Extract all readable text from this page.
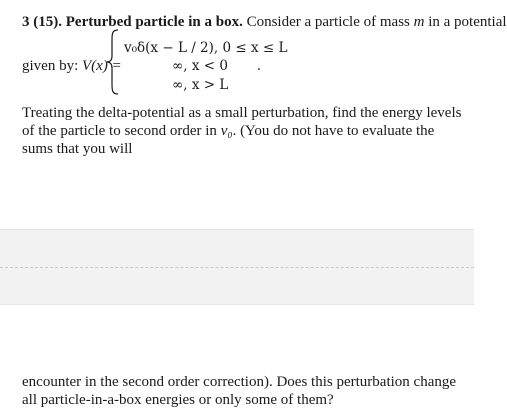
3 (15). Perturbed particle in a box. Consider a particle of mass m in a potential
given by: V(x) =
v₀δ(x − L / 2), 0 ≤ x ≤ L
∞, x < 0
∞, x > L
.
Treating the delta-potential as a small perturbation, find the energy levels of the particle to second order in v₀. (You do not have to evaluate the sums that you will
encounter in the second order correction). Does this perturbation change all particle-in-a-box energies or only some of them?
